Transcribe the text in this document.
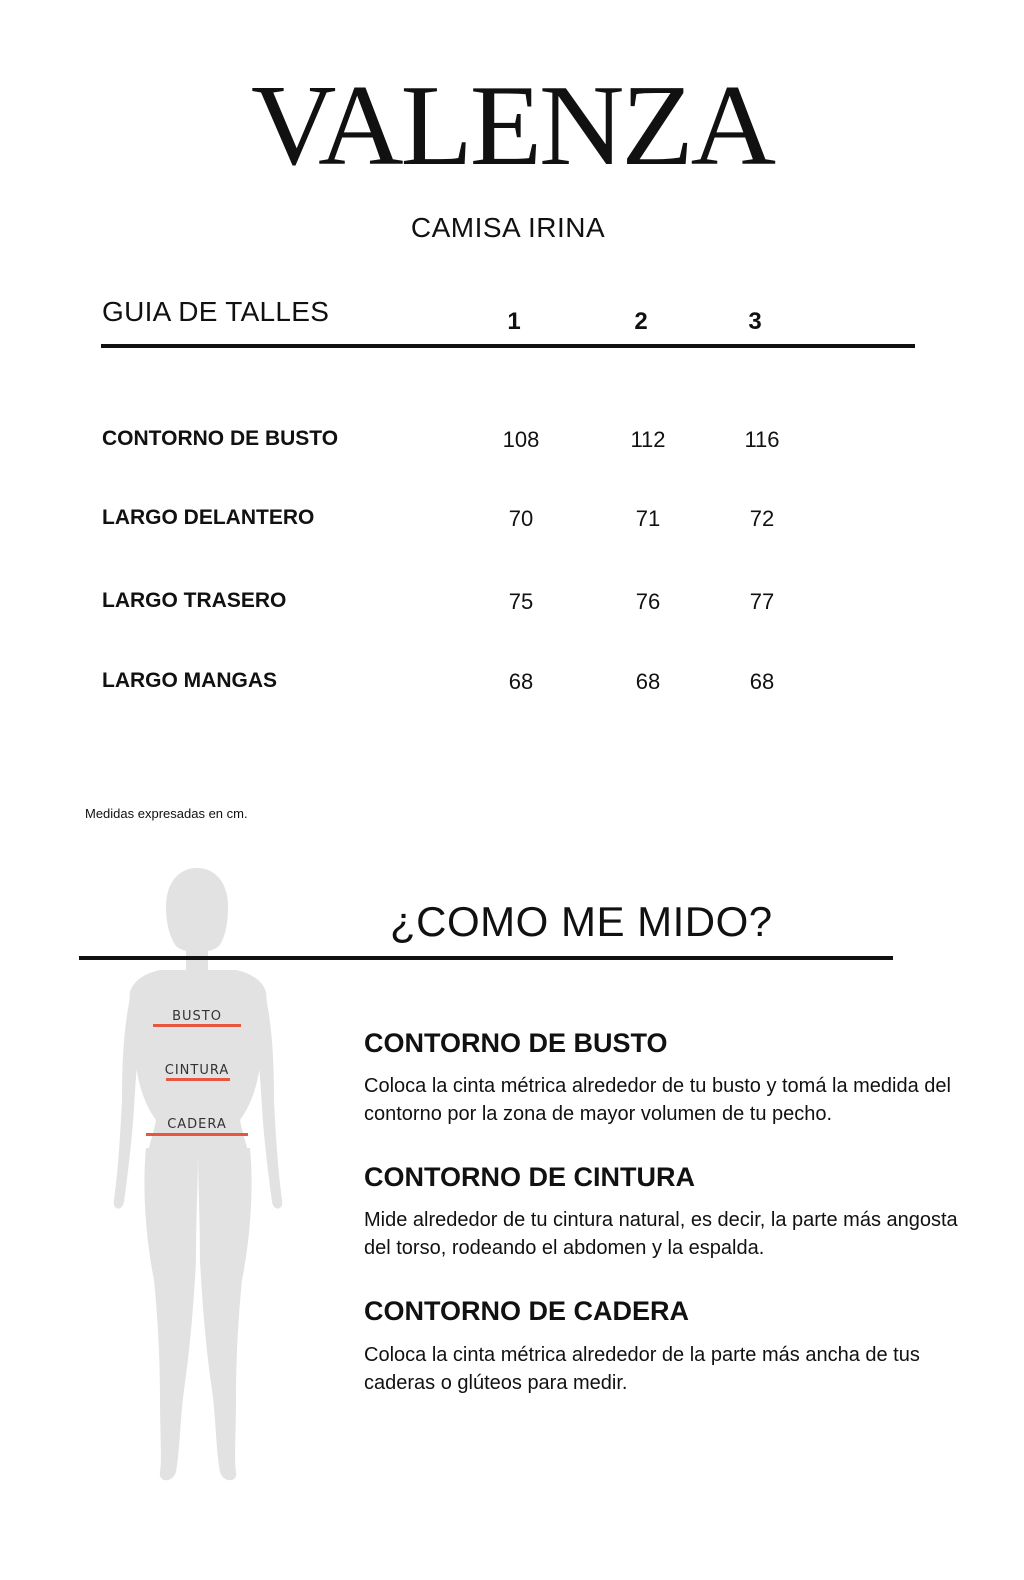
VALENZA
CAMISA IRINA
GUIA DE TALLES	1	2	3
CONTORNO DE BUSTO	108	112	116
LARGO DELANTERO	70	71	72
LARGO TRASERO	75	76	77
LARGO MANGAS	68	68	68
Medidas expresadas en cm.
BUSTO
CINTURA
CADERA
¿COMO ME MIDO?
CONTORNO DE BUSTO
Coloca la cinta métrica alrededor de tu busto y tomá la medida del contorno por la zona de mayor volumen de tu pecho.
CONTORNO DE CINTURA
Mide alrededor de tu cintura natural, es decir, la parte más angosta del torso, rodeando el abdomen y la espalda.
CONTORNO DE CADERA
Coloca la cinta métrica alrededor de la parte más ancha de tus caderas o glúteos para medir.
